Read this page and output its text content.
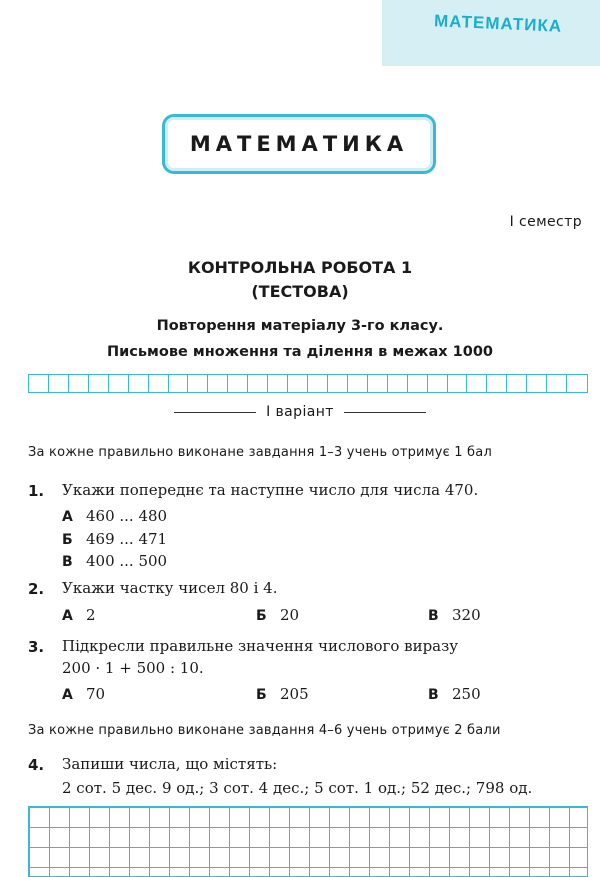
МАТЕМАТИКА
МАТЕМАТИКА
І семестр
КОНТРОЛЬНА РОБОТА 1
(ТЕСТОВА)
Повторення матеріалу 3-го класу.
Письмове множення та ділення в межах 1000
І варіант
За кожне правильно виконане завдання 1–3 учень отримує 1 бал
1. Укажи попереднє та наступне число для числа 470.
А 460 ... 480
Б 469 ... 471
В 400 ... 500
2. Укажи частку чисел 80 і 4.
А 2	Б 20	В 320
3. Підкресли правильне значення числового виразу
200 · 1 + 500 : 10.
А 70	Б 205	В 250
За кожне правильно виконане завдання 4–6 учень отримує 2 бали
4. Запиши числа, що містять:
2 сот. 5 дес. 9 од.; 3 сот. 4 дес.; 5 сот. 1 од.; 52 дес.; 798 од.
